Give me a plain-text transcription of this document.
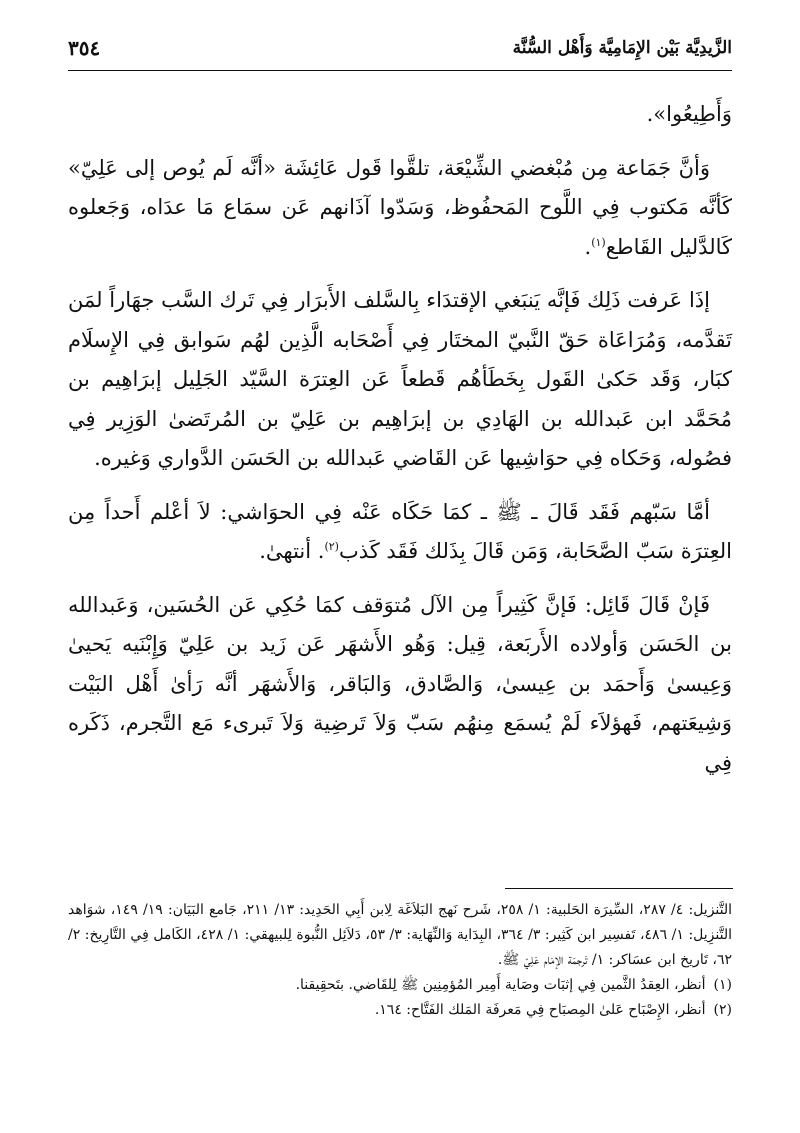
الزَّيدِيَّة بَيْن الإِمَامِيَّة وَأَهْل السُّنَّة
٣٥٤

وَأَطِيعُوا».

وَأنَّ جَمَاعة مِن مُبْغضي الشِّيْعَة، تلقَّوا قَول عَائِشَة «أنَّه لَم يُوص إلى عَلِيّ» كَأنَّه مَكتوب فِي اللَّوح المَحفُوظ، وَسَدّوا آذَانهم عَن سمَاع مَا عدَاه، وَجَعلوه كَالدَّليل القَاطع$^{(١)}$.

إذَا عَرفت ذَلِك فَإنَّه يَنبَغي الإقتدَاء بِالسَّلف الأَبرَار فِي تَرك السَّب جهَاراً لمَن تَقدَّمه، وَمُرَاعَاة حَقّ النَّبيّ المختَار فِي أَصْحَابه الَّذِين لهُم سَوابق فِي الإِسلَام كبَار، وَقَد حَكىٰ القَول بِخَطَأهُم قَطعاً عَن العِترَة السَّيّد الجَلِيل إبرَاهِيم بن مُحَمَّد ابن عَبدالله بن الهَادِي بن إبرَاهِيم بن عَلِيّ بن المُرتَضىٰ الوَزِير فِي فصُوله، وَحَكاه فِي حوَاشِيها عَن القَاضي عَبدالله بن الحَسَن الدَّواري وَغيره.

أمَّا سَبّهم فَقَد قَالَ ـ ﷺ ـ كمَا حَكَاه عَنْه فِي الحوَاشي: لاَ أعْلم أَحداً مِن العِترَة سَبّ الصَّحَابة، وَمَن قَالَ بِذَلك فَقَد كَذب$^{(٢)}$. أنتهىٰ.

فَإنْ قَالَ قَائِل: فَإنَّ كَثِيراً مِن الآل مُتوَقف كمَا حُكِي عَن الحُسَين، وَعَبدالله بن الحَسَن وَأولاده الأَربَعة، قِيل: وَهُو الأَشهَر عَن زَيد بن عَلِيّ وَإِبْنَيه يَحيىٰ وَعِيسىٰ وَأَحمَد بن عِيسىٰ، وَالصَّادق، وَالبَاقر، وَالأَشهَر أنَّه رَأىٰ أَهْل البَيْت وَشِيعَتهم، فَهؤلاَء لَمْ يُسمَع مِنهُم سَبّ وَلاَ تَرضِية وَلاَ تَبرىء مَع التَّجرم، ذَكَره فِي

التَّنزيل: ٤/ ٢٨٧، السِّيرَة الحَلبية: ١/ ٢٥٨، شَرح نَهج البَلاَغَة لِابن أَبِي الحَدِيد: ١٣/ ٢١١، جَامع البَيَان: ١٩/ ١٤٩، شوَاهد التَّنزِيل: ١/ ٤٨٦، تَفسِير ابن كَثِير: ٣/ ٣٦٤، البِدَاية وَالنِّهَاية: ٣/ ٥٣، دَلاَئِل النُّبوة لِلبيهقي: ١/ ٤٢٨، الكَامل فِي التَّارِيخ: ٢/ ٦٢، تَاريخ ابن عسَاكر: ١/ تَرجمَة الإمَام عَلِيّ ﷺ.

(١)أنظر، العِقدُ الثَّمين فِي إثبَات وصَاية أَمِير المُؤمِنِين ﷺ لِلقَاضي. بتَحقِيقنا.

(٢)أنظر، الإِصْبَاح عَلىٰ المِصبَاح فِي مَعرفَة المَلك الفَتَّاح: ١٦٤.
